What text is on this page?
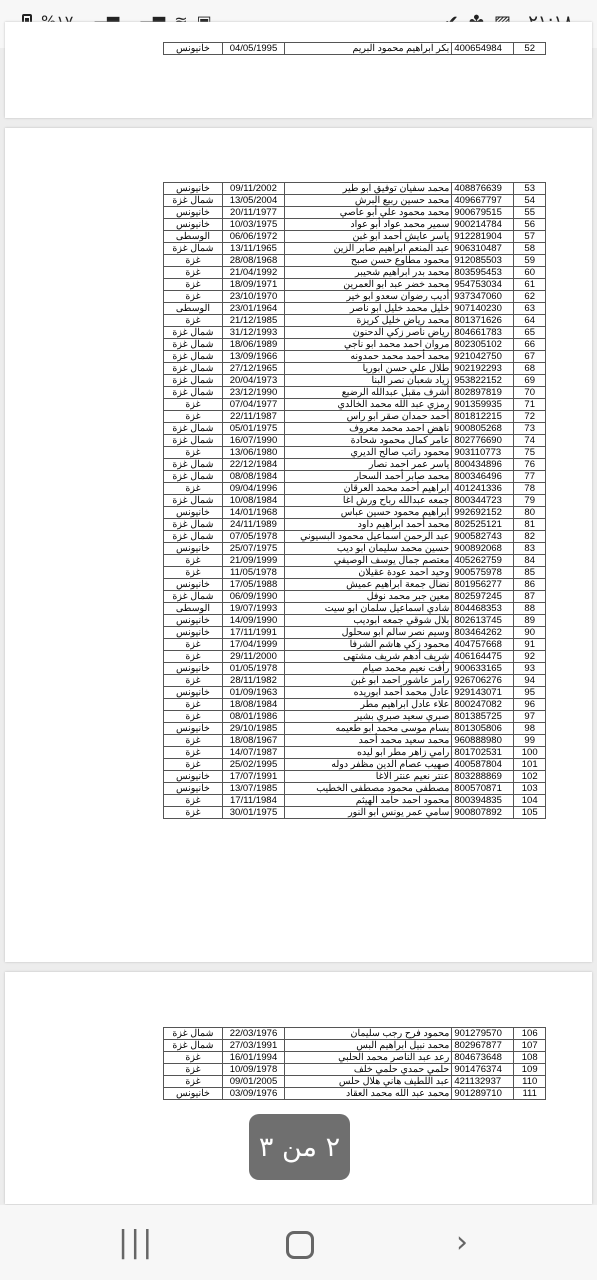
خانيونس	04/05/1995		بكر ابراهيم محمود البريم	400654984	52
خانيونس	09/11/2002		محمد سفيان توفيق ابو طير	408876639	53
شمال غزة	13/05/2004		محمد حسين ربيع البرش	409667797	54
خانيونس	20/11/1977		محمد محمود علي أبو عاصي	900679515	55
خانيونس	10/03/1975		سمير محمد عواد أبو عواد	900214784	56
الوسطى	06/06/1972		ياسر عايش أحمد ابو غبن	912281904	57
شمال غزة	13/11/1965		عبد المنعم ابراهيم صابر الزين	906310487	58
غزة	28/08/1968		محمود مطاوع حسن صبح	912085503	59
غزة	21/04/1992		محمد بدر ابراهيم شحيبر	803595453	60
غزة	18/09/1971		محمد خضر عبد ابو العمرين	954753034	61
غزة	23/10/1970		أديب رضوان سعدو ابو خير	937347060	62
الوسطى	23/01/1964		خليل محمد خليل ابو ناصر	907140230	63
غزة	21/12/1985		محمد رياض خليل كريزة	801371626	64
شمال غزة	31/12/1993		رياض ناصر زكي الدحنون	804661783	65
شمال غزة	18/06/1989		مروان احمد محمد ابو ناجي	802305102	66
شمال غزة	13/09/1966		محمد أحمد محمد حمدونه	921042750	67
شمال غزة	27/12/1965		طلال علي حسن ابوريا	902192293	68
شمال غزة	20/04/1973		زياد شعبان نصر البنا	953822152	69
شمال غزة	23/12/1990		أشرف مقبل عبدالله الرضيع	802897819	70
غزة	07/04/1977		رمزي عبد الله محمد الخالدي	901359935	71
غزة	22/11/1987		أحمد حمدان صقر ابو راس	801812215	72
شمال غزة	05/01/1975		ناهض احمد محمد معروف	900805268	73
شمال غزة	16/07/1990		عامر كمال محمود شحادة	802776690	74
غزة	13/06/1980		محمود راتب صالح الديري	903110773	75
شمال غزة	22/12/1984		ياسر عمر احمد نصار	800434896	76
شمال غزة	08/08/1984		محمد صابر أحمد السحار	800346496	77
غزة	09/04/1996		ابراهيم أحمد محمد العرقان	401241336	78
شمال غزة	10/08/1984		جمعه عبدالله رباح ورش اغا	800344723	79
خانيونس	14/01/1968		ابراهيم محمود حسين عباس	992692152	80
شمال غزة	24/11/1989		محمد أحمد ابراهيم داود	802525121	81
شمال غزة	07/05/1978		عبد الرحمن اسماعيل محمود البسيوني	900582743	82
خانيونس	25/07/1975		حسين محمد سليمان ابو ديب	900892068	83
غزة	21/09/1999		معتصم جمال يوسف الوصيفي	405262759	84
غزة	11/05/1978		وحيد احمد عودة عقيلان	900575978	85
خانيونس	17/05/1988		نضال جمعة ابراهيم عميش	801956277	86
شمال غزة	06/09/1990		معين جبر محمد نوفل	802597245	87
الوسطى	19/07/1993		شادي اسماعيل سلمان ابو سيت	804468353	88
خانيونس	14/09/1990		بلال شوقي جمعه ابوديب	802613745	89
خانيونس	17/11/1991		وسيم نصر سالم ابو سحلول	803464262	90
غزة	17/04/1999		محمود زكي هاشم الشرفا	404757668	91
غزة	29/11/2000		شريف أدهم شريف مشتهى	406164475	92
خانيونس	01/05/1978		رأفت نعيم محمد صيام	900633165	93
غزة	28/11/1982		رامز عاشور احمد ابو غبن	926706276	94
خانيونس	01/09/1963		عادل محمد أحمد ابوريده	929143071	95
غزة	18/08/1984		علاء عادل ابراهيم مطر	800247082	96
غزة	08/01/1986		صبري سعيد صبري بشير	801385725	97
خانيونس	29/10/1985		بسام موسى محمد ابو طعيمه	801305806	98
غزة	18/08/1967		محمد سعيد محمد أحمد	960888980	99
غزة	14/07/1987		رامي زاهر مطر ابو ليده	801702531	100
غزة	25/02/1995		صهيب عصام الدين مظفر دوله	400587804	101
خانيونس	17/07/1991		عنتر نعيم عنتر الاغا	803288869	102
خانيونس	13/07/1985		مصطفى محمود مصطفى الخطيب	800570871	103
غزة	17/11/1984		محمود احمد حامد الهيثم	800394835	104
غزة	30/01/1975		سامي عمر يونس ابو النور	900807892	105
شمال غزة	22/03/1976		محمود فرح رجب سليمان	901279570	106
شمال غزة	27/03/1991		محمد نبيل ابراهيم البس	802967877	107
غزة	16/01/1994		رعد عبد الناصر محمد الحلبي	804673648	108
غزة	10/09/1978		حلمي حمدي حلمي خلف	901476374	109
غزة	09/01/2005		عبد اللطيف هاني هلال حلس	421132937	110
خانيونس	03/09/1976		محمد عبد الله محمد العقاد	901289710	111
٢ من ٣
|||	›
